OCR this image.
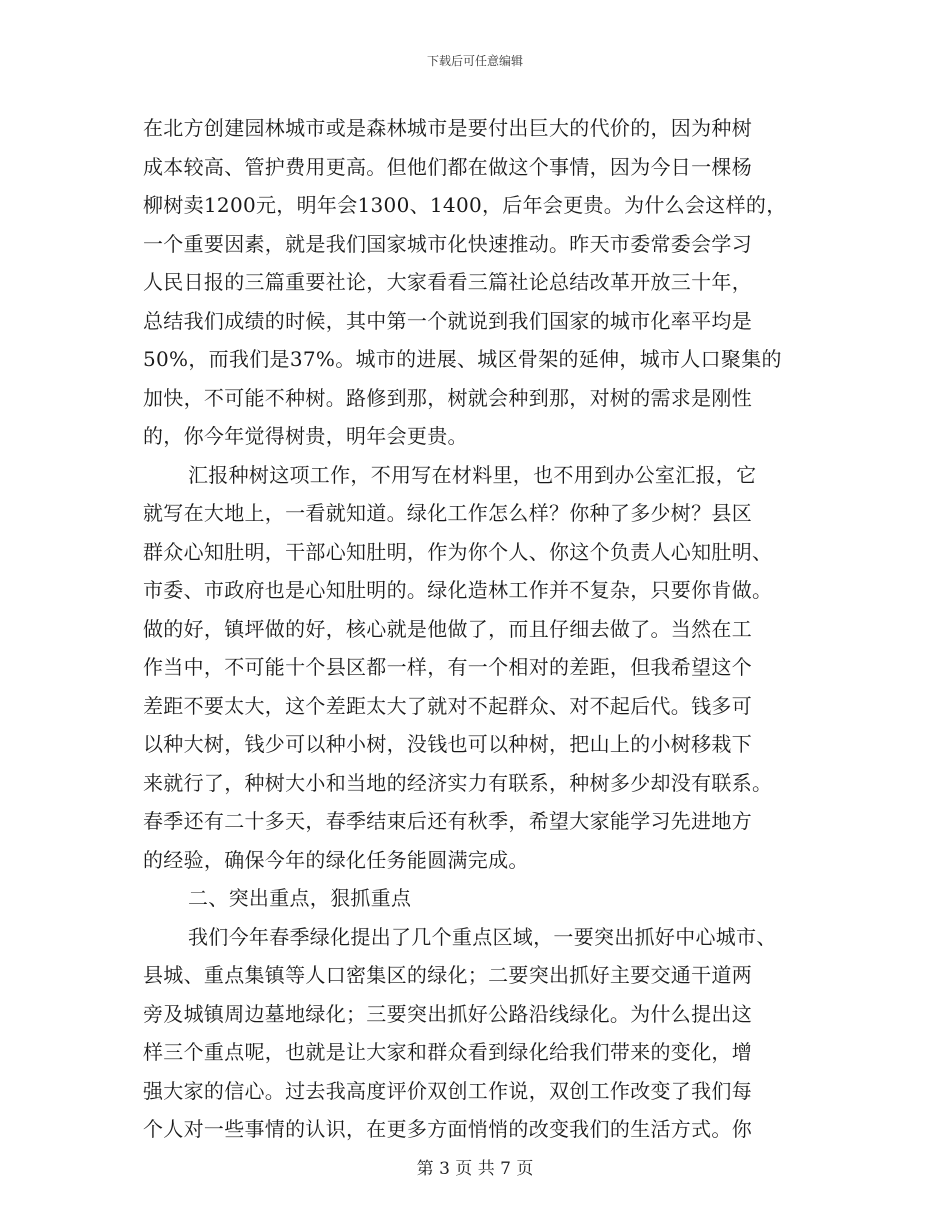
下载后可任意编辑
在北方创建园林城市或是森林城市是要付出巨大的代价的，因为种树
成本较高、管护费用更高。但他们都在做这个事情，因为今日一棵杨
柳树卖1200元，明年会1300、1400，后年会更贵。为什么会这样的，
一个重要因素，就是我们国家城市化快速推动。昨天市委常委会学习
人民日报的三篇重要社论，大家看看三篇社论总结改革开放三十年，
总结我们成绩的时候，其中第一个就说到我们国家的城市化率平均是
50%，而我们是37%。城市的进展、城区骨架的延伸，城市人口聚集的
加快，不可能不种树。路修到那，树就会种到那，对树的需求是刚性
的，你今年觉得树贵，明年会更贵。
汇报种树这项工作，不用写在材料里，也不用到办公室汇报，它
就写在大地上，一看就知道。绿化工作怎么样？你种了多少树？县区
群众心知肚明，干部心知肚明，作为你个人、你这个负责人心知肚明、
市委、市政府也是心知肚明的。绿化造林工作并不复杂，只要你肯做。
做的好，镇坪做的好，核心就是他做了，而且仔细去做了。当然在工
作当中，不可能十个县区都一样，有一个相对的差距，但我希望这个
差距不要太大，这个差距太大了就对不起群众、对不起后代。钱多可
以种大树，钱少可以种小树，没钱也可以种树，把山上的小树移栽下
来就行了，种树大小和当地的经济实力有联系，种树多少却没有联系。
春季还有二十多天，春季结束后还有秋季，希望大家能学习先进地方
的经验，确保今年的绿化任务能圆满完成。
二、突出重点，狠抓重点
我们今年春季绿化提出了几个重点区域，一要突出抓好中心城市、
县城、重点集镇等人口密集区的绿化；二要突出抓好主要交通干道两
旁及城镇周边墓地绿化；三要突出抓好公路沿线绿化。为什么提出这
样三个重点呢，也就是让大家和群众看到绿化给我们带来的变化，增
强大家的信心。过去我高度评价双创工作说，双创工作改变了我们每
个人对一些事情的认识，在更多方面悄悄的改变我们的生活方式。你
第 3 页 共 7 页
